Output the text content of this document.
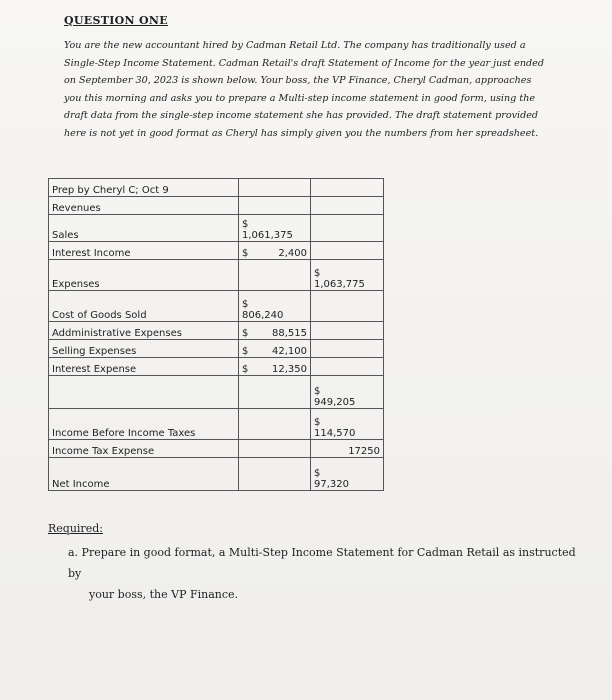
QUESTION ONE
You are the new accountant hired by Cadman Retail Ltd. The company has traditionally used a
Single-Step Income Statement. Cadman Retail's draft Statement of Income for the year just ended
on September 30, 2023 is shown below. Your boss, the VP Finance, Cheryl Cadman, approaches
you this morning and asks you to prepare a Multi-step income statement in good form, using the
draft data from the single-step income statement she has provided. The draft statement provided
here is not yet in good format as Cheryl has simply given you the numbers from her spreadsheet.
Prep by Cheryl C; Oct 9		
Revenues		
Sales	$
1,061,375	

Interest Income	$ 2,400	

Expenses		$
1,063,775

Cost of Goods Sold	$
806,240	

Addministrative Expenses	$ 88,515	

Selling Expenses	$ 42,100	

Interest Expense	$ 12,350	

		$
949,205

Income Before Income Taxes		$
114,570

Income Tax Expense		17250
Net Income		$
97,320
Required:
a. Prepare in good format, a Multi-Step Income Statement for Cadman Retail as instructed by
your boss, the VP Finance.
